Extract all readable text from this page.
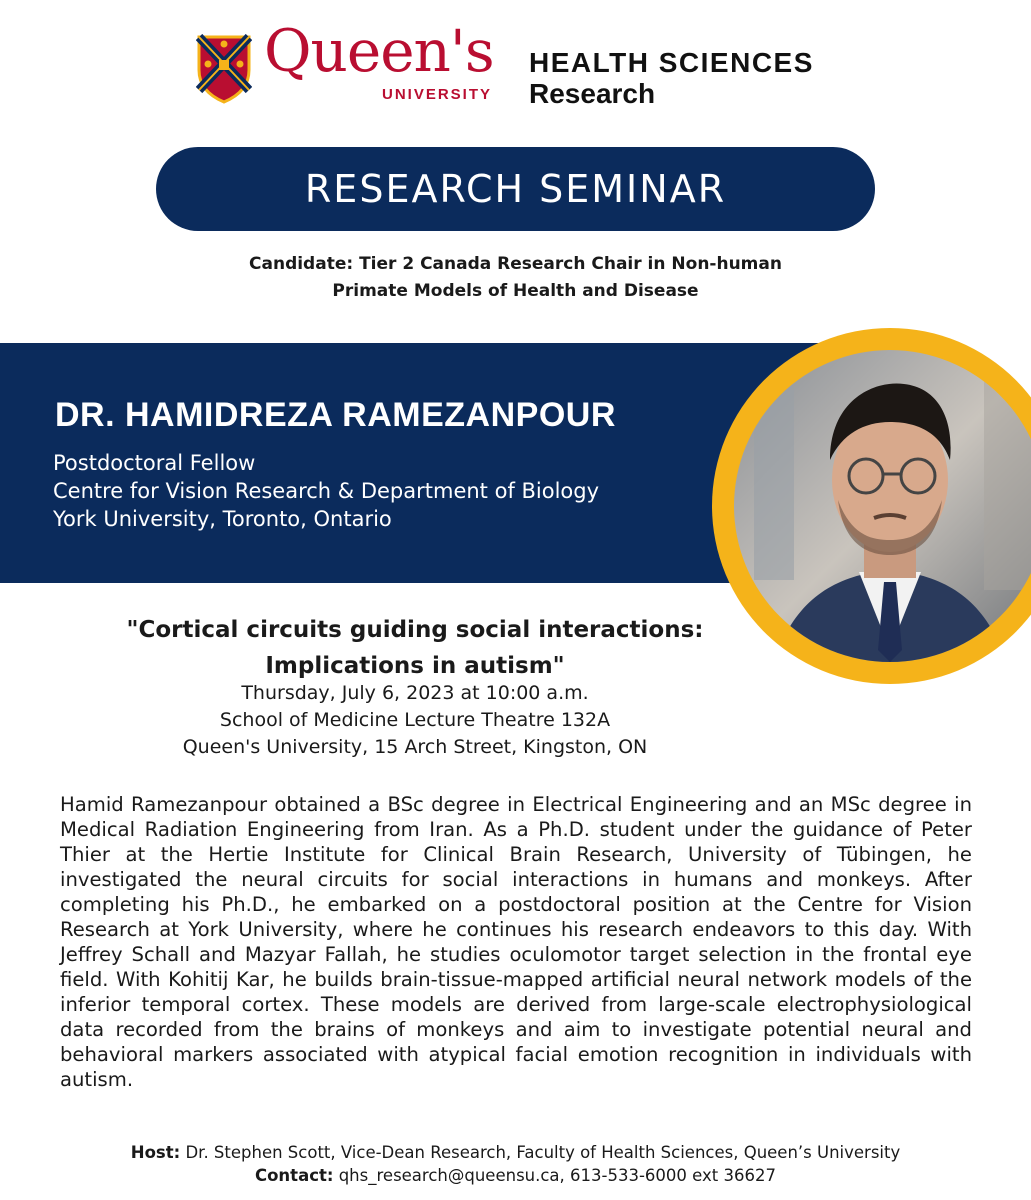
Queen's
UNIVERSITY
HEALTH SCIENCES
Research
RESEARCH SEMINAR
Candidate: Tier 2 Canada Research Chair in Non-human
Primate Models of Health and Disease
DR. HAMIDREZA RAMEZANPOUR
Postdoctoral Fellow
Centre for Vision Research & Department of Biology
York University, Toronto, Ontario
"Cortical circuits guiding social interactions:
Implications in autism"
Thursday, July 6, 2023 at 10:00 a.m.
School of Medicine Lecture Theatre 132A
Queen's University, 15 Arch Street, Kingston, ON
Hamid Ramezanpour obtained a BSc degree in Electrical Engineering and an MSc degree in Medical Radiation Engineering from Iran. As a Ph.D. student under the guidance of Peter Thier at the Hertie Institute for Clinical Brain Research, University of Tübingen, he investigated the neural circuits for social interactions in humans and monkeys. After completing his Ph.D., he embarked on a postdoctoral position at the Centre for Vision Research at York University, where he continues his research endeavors to this day. With Jeffrey Schall and Mazyar Fallah, he studies oculomotor target selection in the frontal eye field. With Kohitij Kar, he builds brain-tissue-mapped artificial neural network models of the inferior temporal cortex. These models are derived from large-scale electrophysiological data recorded from the brains of monkeys and aim to investigate potential neural and behavioral markers associated with atypical facial emotion recognition in individuals with autism.
Host: Dr. Stephen Scott, Vice-Dean Research, Faculty of Health Sciences, Queen’s University
Contact: qhs_research@queensu.ca, 613-533-6000 ext 36627
